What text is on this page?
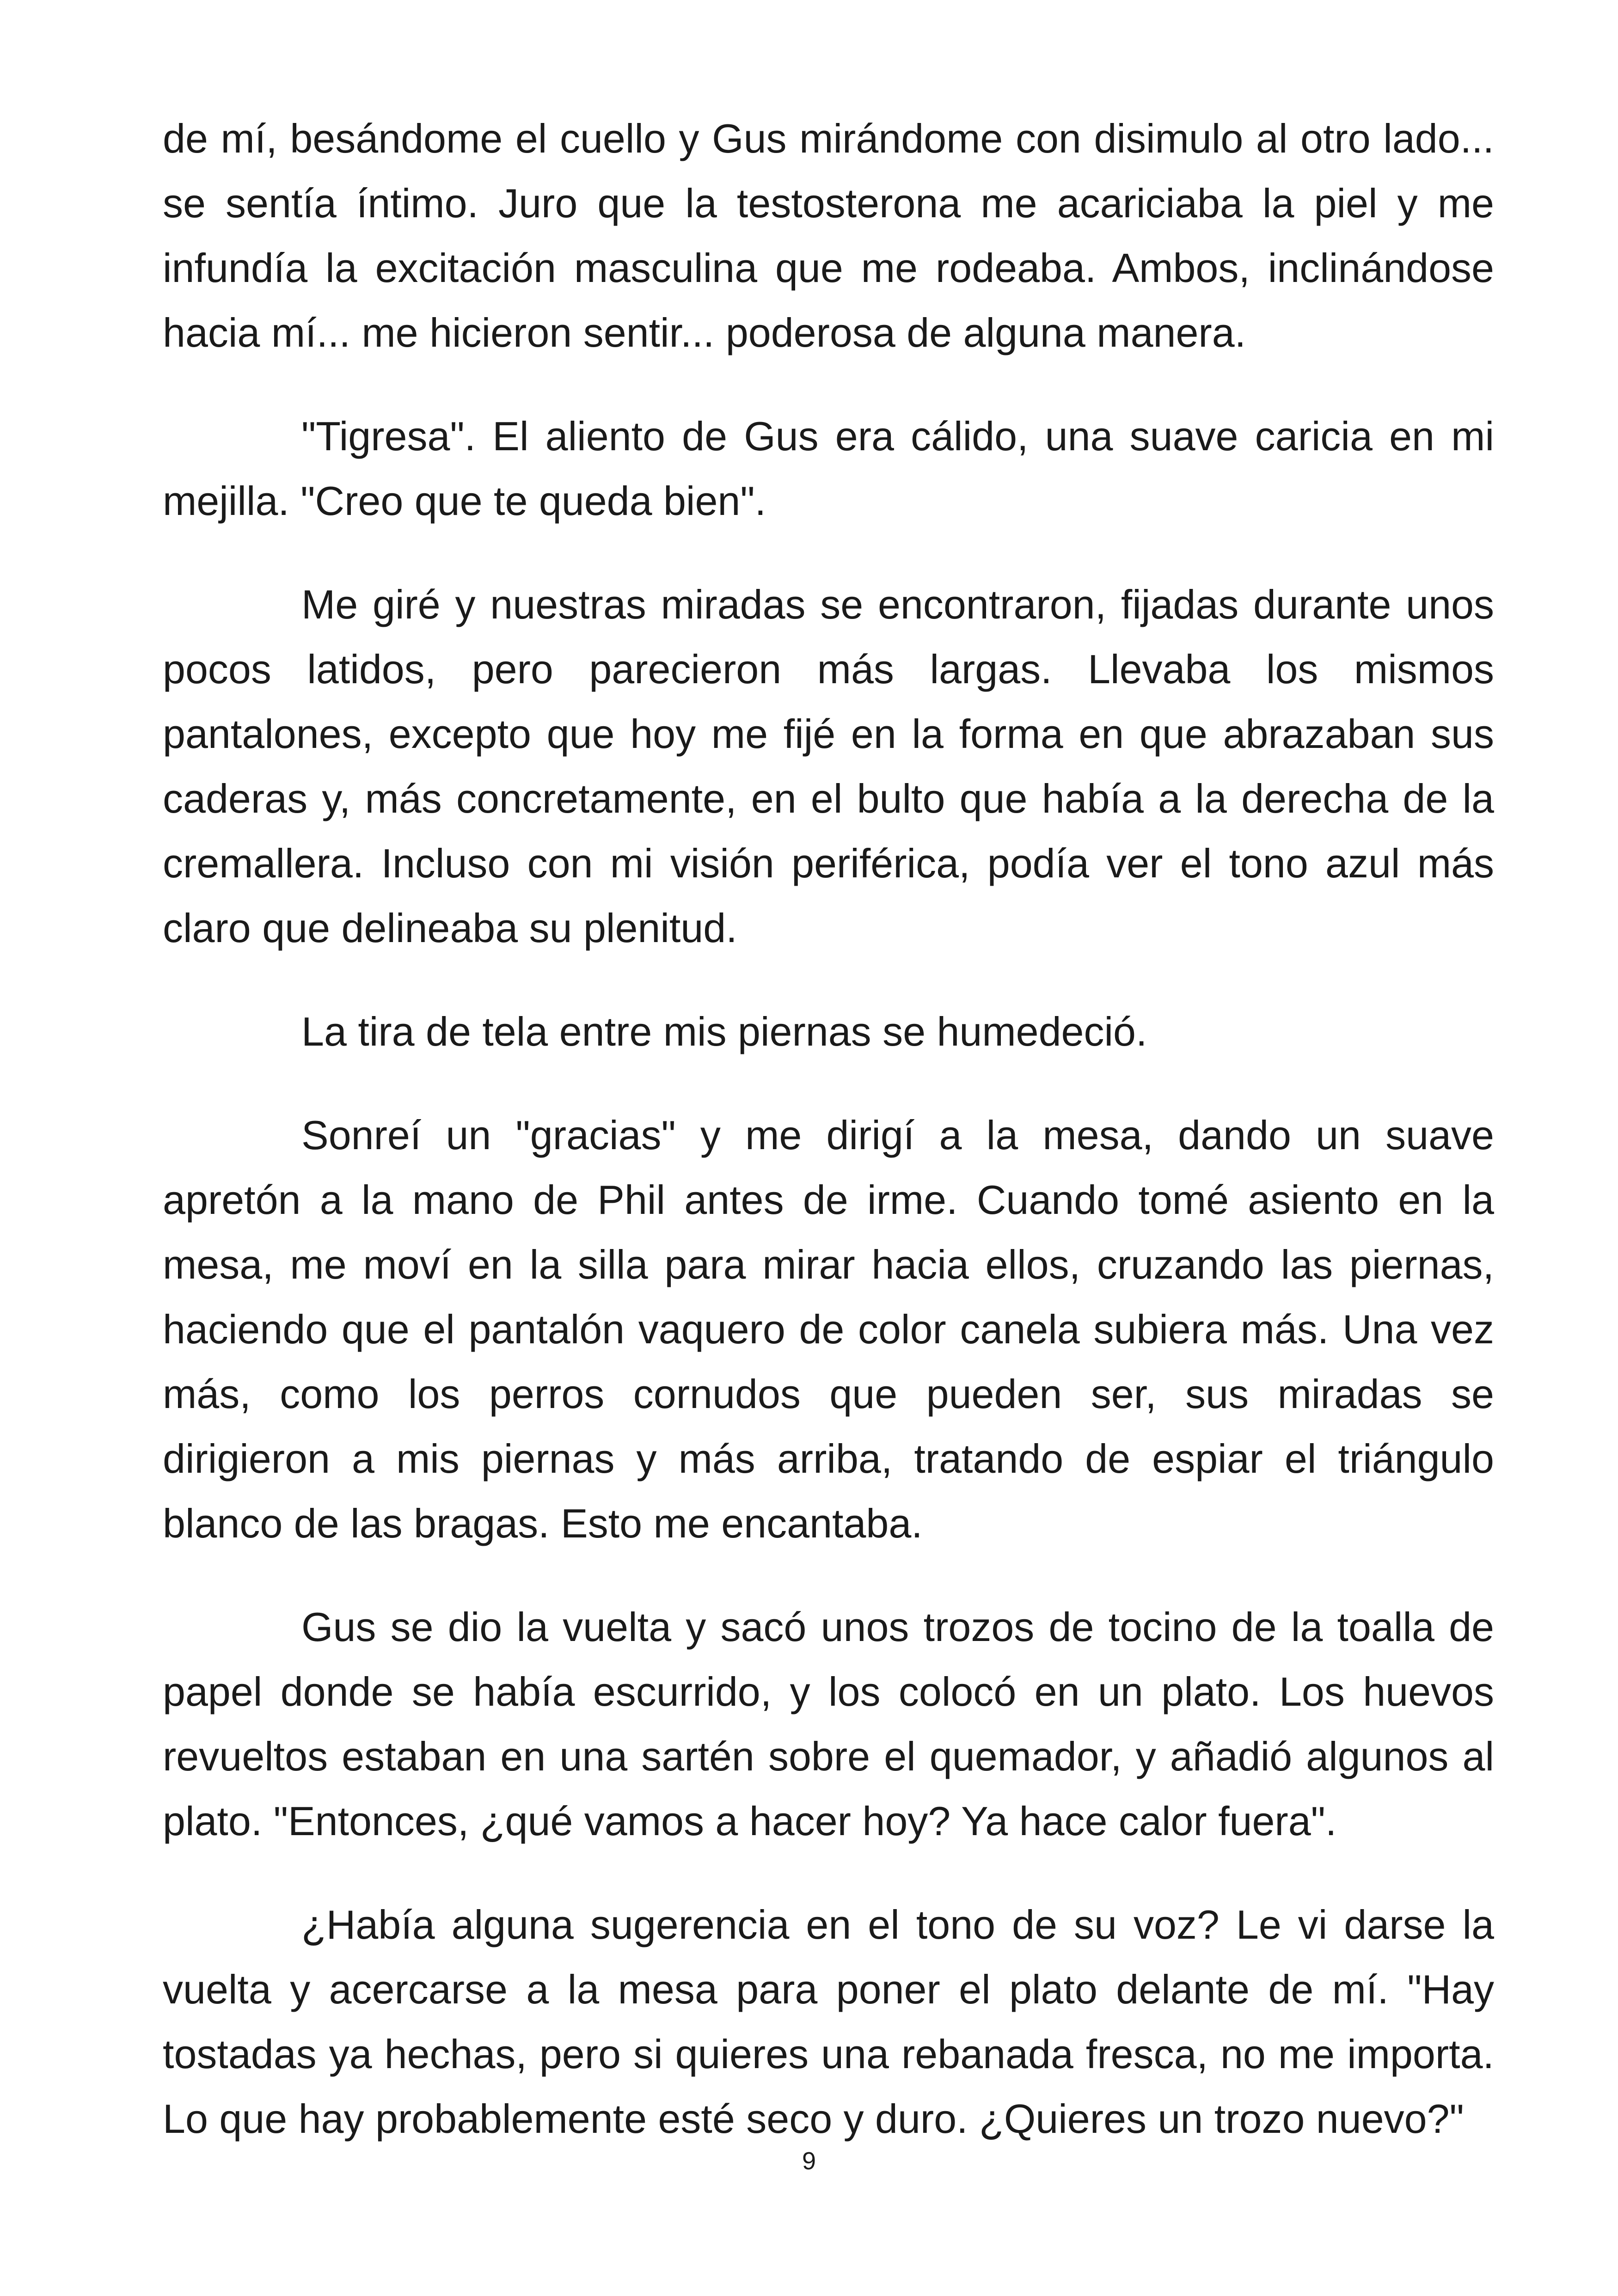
de mí, besándome el cuello y Gus mirándome con disimulo al otro lado... se sentía íntimo. Juro que la testosterona me acariciaba la piel y me infundía la excitación masculina que me rodeaba. Ambos, inclinándose hacia mí... me hicieron sentir... poderosa de alguna manera.

"Tigresa". El aliento de Gus era cálido, una suave caricia en mi mejilla. "Creo que te queda bien".

Me giré y nuestras miradas se encontraron, fijadas durante unos pocos latidos, pero parecieron más largas. Llevaba los mismos pantalones, excepto que hoy me fijé en la forma en que abrazaban sus caderas y, más concretamente, en el bulto que había a la derecha de la cremallera. Incluso con mi visión periférica, podía ver el tono azul más claro que delineaba su plenitud.

La tira de tela entre mis piernas se humedeció.

Sonreí un "gracias" y me dirigí a la mesa, dando un suave apretón a la mano de Phil antes de irme. Cuando tomé asiento en la mesa, me moví en la silla para mirar hacia ellos, cruzando las piernas, haciendo que el pantalón vaquero de color canela subiera más. Una vez más, como los perros cornudos que pueden ser, sus miradas se dirigieron a mis piernas y más arriba, tratando de espiar el triángulo blanco de las bragas. Esto me encantaba.

Gus se dio la vuelta y sacó unos trozos de tocino de la toalla de papel donde se había escurrido, y los colocó en un plato. Los huevos revueltos estaban en una sartén sobre el quemador, y añadió algunos al plato. "Entonces, ¿qué vamos a hacer hoy? Ya hace calor fuera".

¿Había alguna sugerencia en el tono de su voz? Le vi darse la vuelta y acercarse a la mesa para poner el plato delante de mí. "Hay tostadas ya hechas, pero si quieres una rebanada fresca, no me importa. Lo que hay probablemente esté seco y duro. ¿Quieres un trozo nuevo?"

9
